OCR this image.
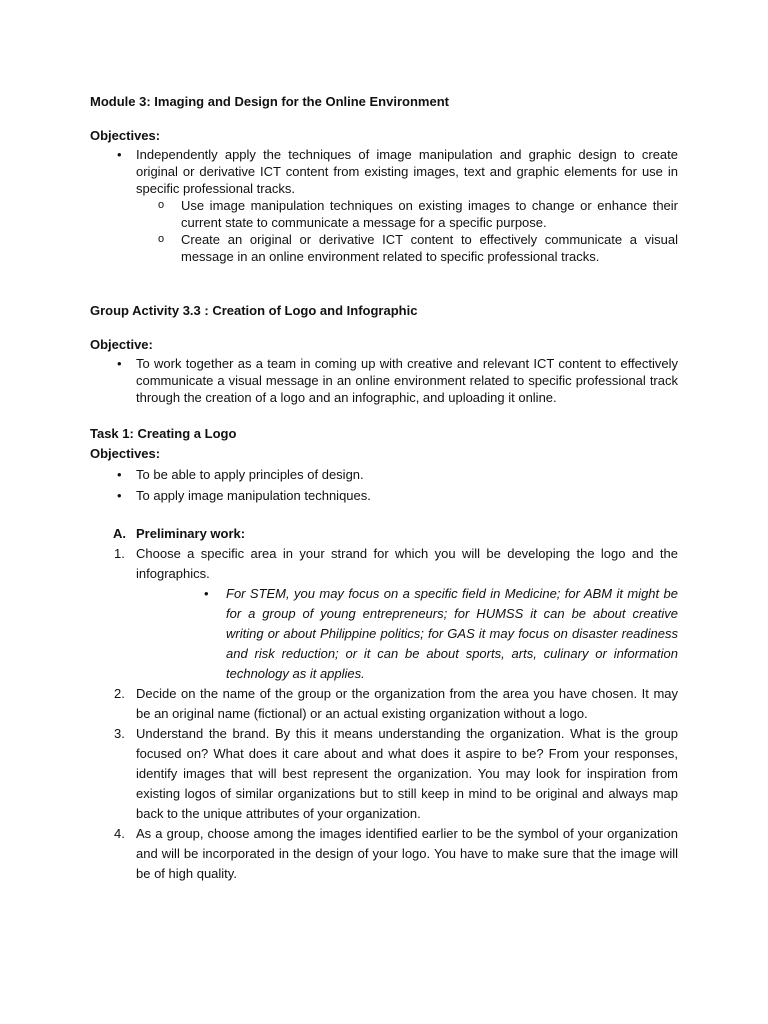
Module 3: Imaging and Design for the Online Environment

Objectives:

• Independently apply the techniques of image manipulation and graphic design to create original or derivative ICT content from existing images, text and graphic elements for use in specific professional tracks.
o Use image manipulation techniques on existing images to change or enhance their current state to communicate a message for a specific purpose.
o Create an original or derivative ICT content to effectively communicate a visual message in an online environment related to specific professional tracks.

Group Activity 3.3 : Creation of Logo and Infographic

Objective:

• To work together as a team in coming up with creative and relevant ICT content to effectively communicate a visual message in an online environment related to specific professional track through the creation of a logo and an infographic, and uploading it online.

Task 1: Creating a Logo

Objectives:

• To be able to apply principles of design.
• To apply image manipulation techniques.

A. Preliminary work:

1. Choose a specific area in your strand for which you will be developing the logo and the infographics.
• For STEM, you may focus on a specific field in Medicine; for ABM it might be for a group of young entrepreneurs; for HUMSS it can be about creative writing or about Philippine politics; for GAS it may focus on disaster readiness and risk reduction; or it can be about sports, arts, culinary or information technology as it applies.
2. Decide on the name of the group or the organization from the area you have chosen. It may be an original name (fictional) or an actual existing organization without a logo.
3. Understand the brand. By this it means understanding the organization. What is the group focused on? What does it care about and what does it aspire to be? From your responses, identify images that will best represent the organization. You may look for inspiration from existing logos of similar organizations but to still keep in mind to be original and always map back to the unique attributes of your organization.
4. As a group, choose among the images identified earlier to be the symbol of your organization and will be incorporated in the design of your logo. You have to make sure that the image will be of high quality.
